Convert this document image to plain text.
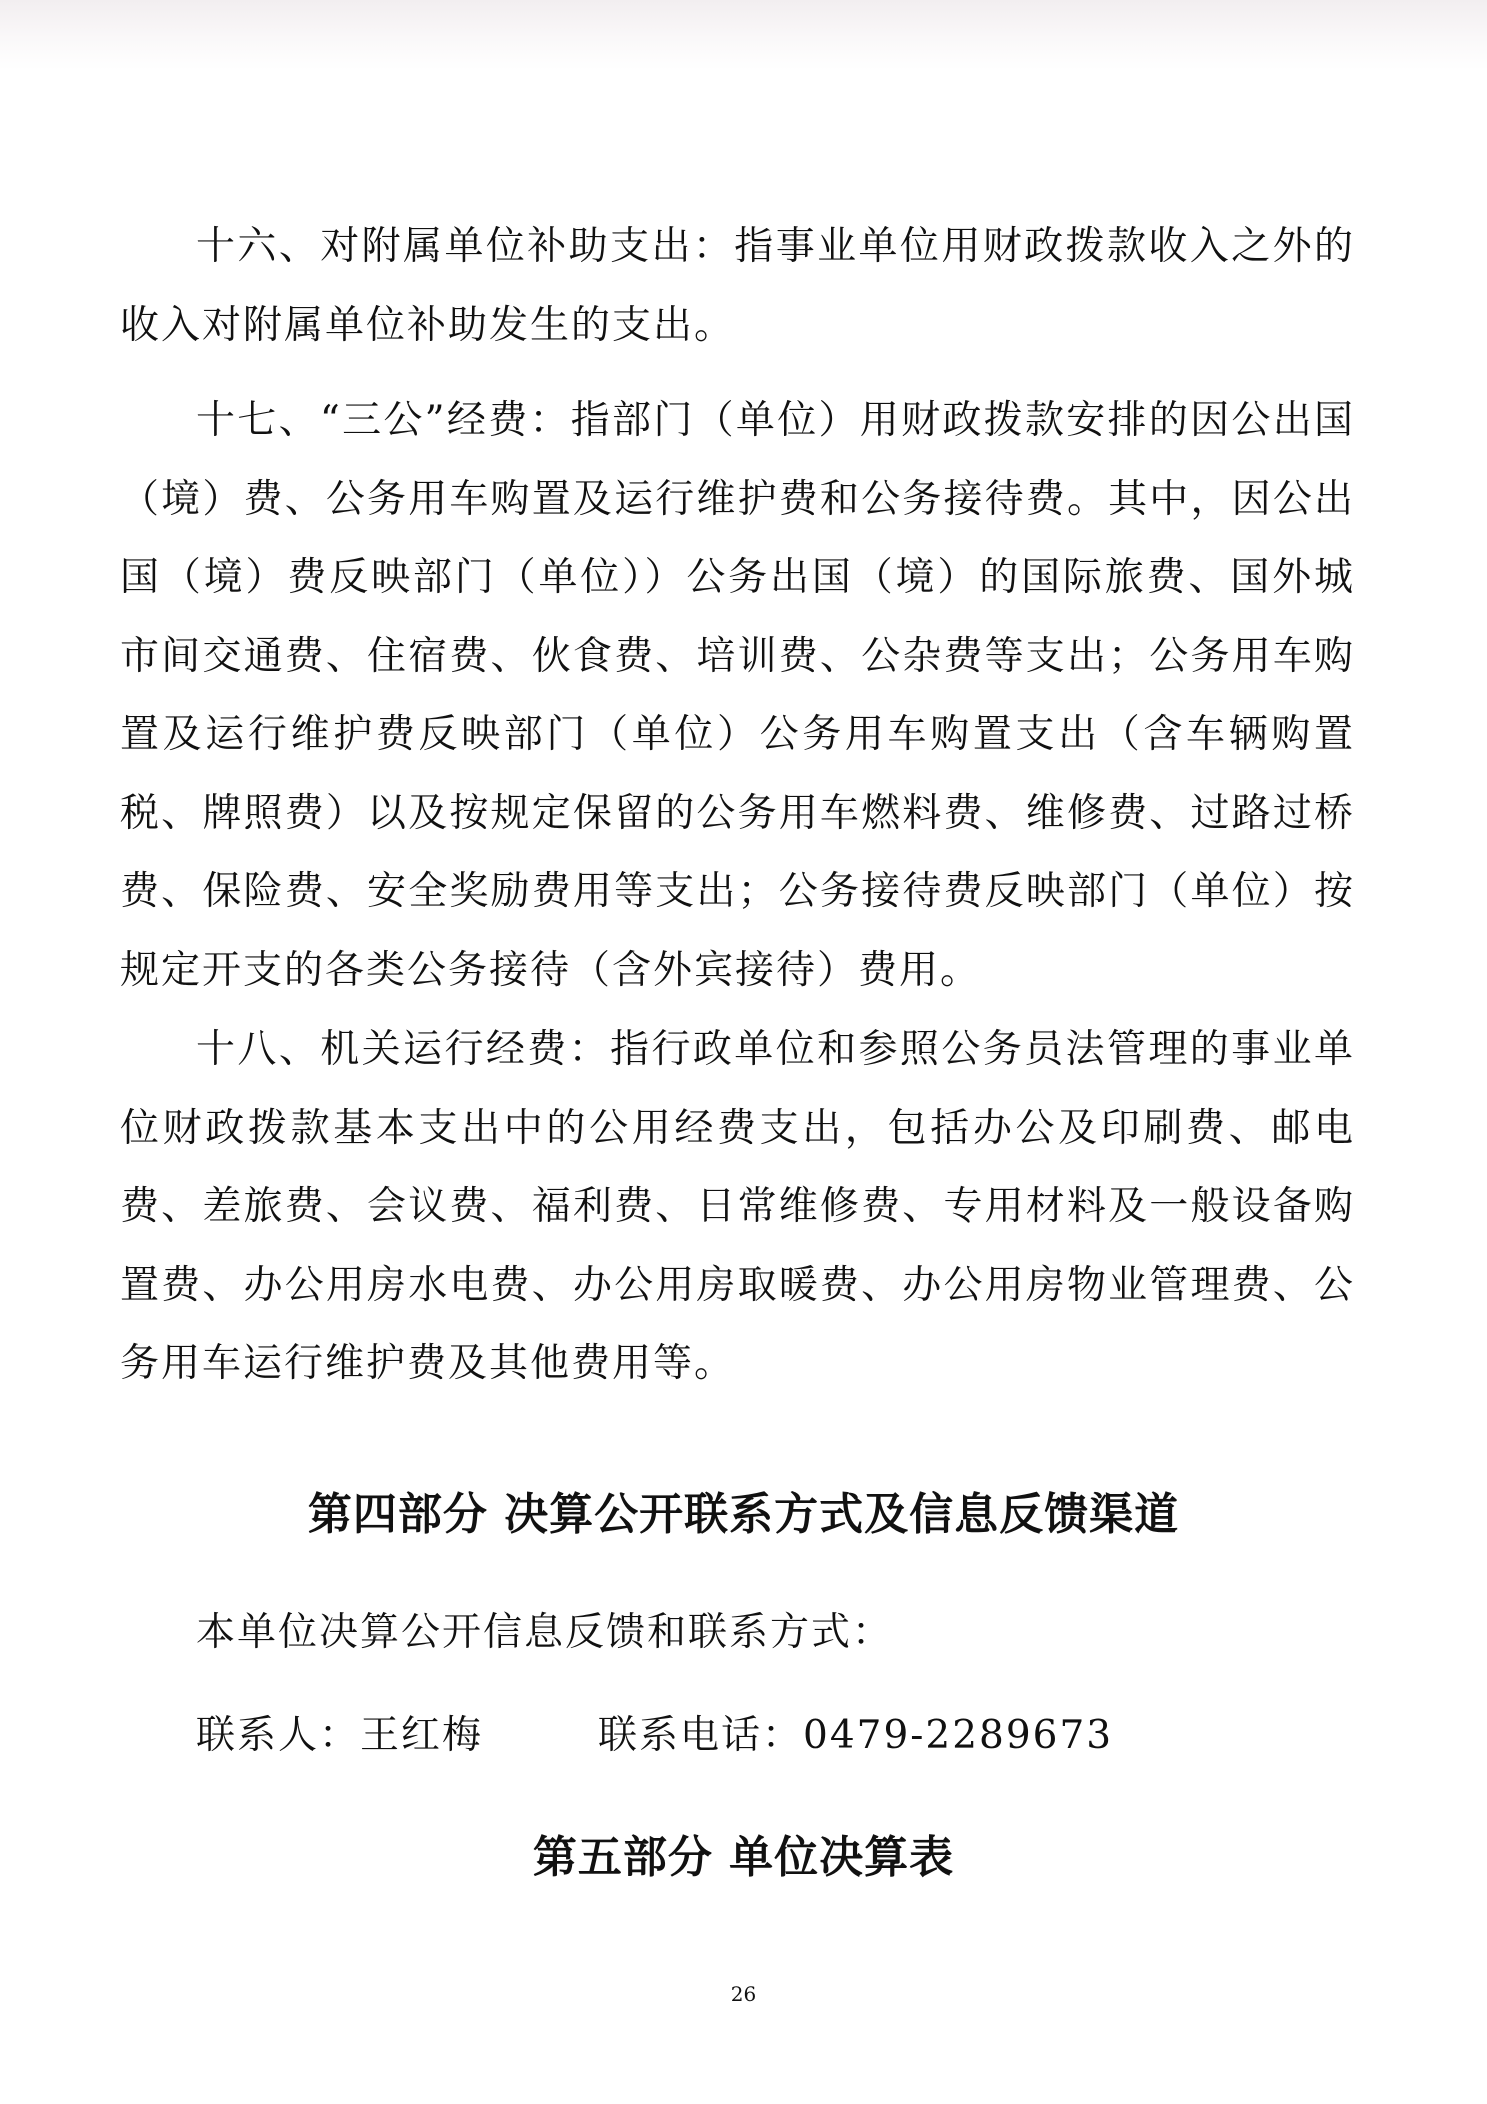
十六、对附属单位补助支出：指事业单位用财政拨款收入之外的收入对附属单位补助发生的支出。

十七、“三公”经费：指部门（单位）用财政拨款安排的因公出国（境）费、公务用车购置及运行维护费和公务接待费。其中，因公出国（境）费反映部门（单位））公务出国（境）的国际旅费、国外城市间交通费、住宿费、伙食费、培训费、公杂费等支出；公务用车购置及运行维护费反映部门（单位）公务用车购置支出（含车辆购置税、牌照费）以及按规定保留的公务用车燃料费、维修费、过路过桥费、保险费、安全奖励费用等支出；公务接待费反映部门（单位）按规定开支的各类公务接待（含外宾接待）费用。

十八、机关运行经费：指行政单位和参照公务员法管理的事业单位财政拨款基本支出中的公用经费支出，包括办公及印刷费、邮电费、差旅费、会议费、福利费、日常维修费、专用材料及一般设备购置费、办公用房水电费、办公用房取暖费、办公用房物业管理费、公务用车运行维护费及其他费用等。

第四部分 决算公开联系方式及信息反馈渠道

本单位决算公开信息反馈和联系方式：

联系人：王红梅	联系电话：0479-2289673

第五部分 单位决算表
26
